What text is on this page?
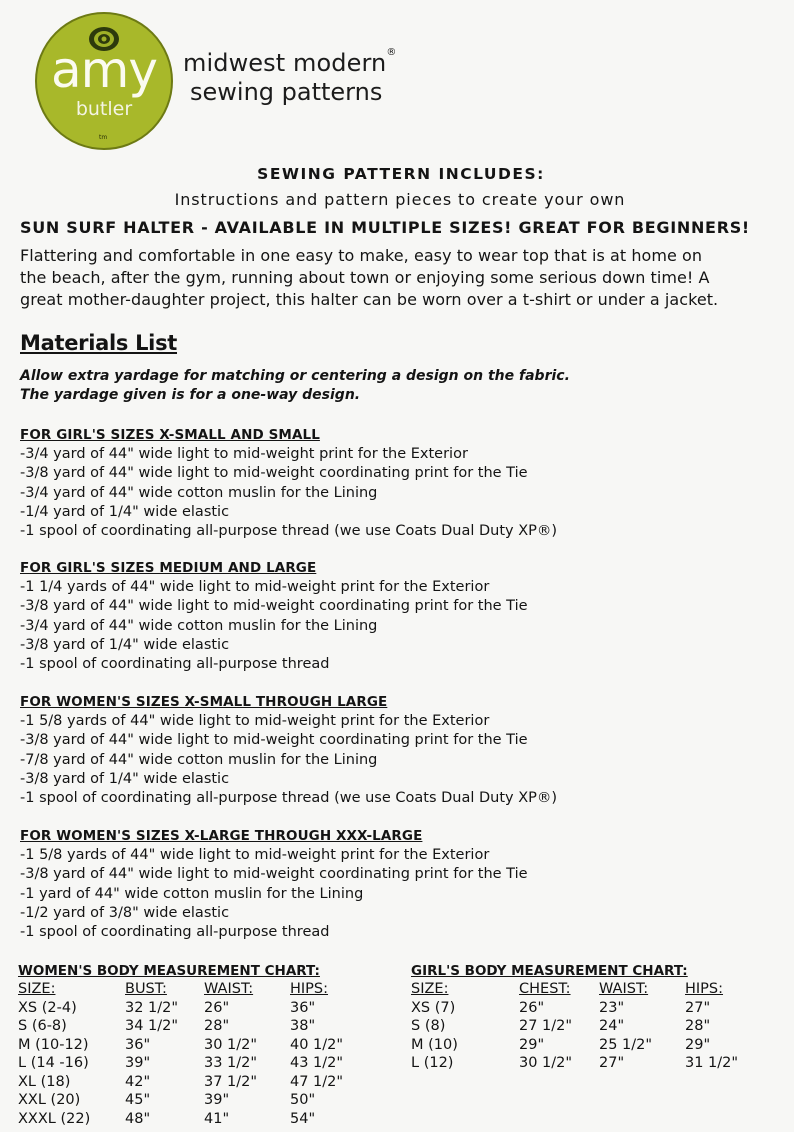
amy
butler
tm
midwest modern®
sewing patterns
SEWING PATTERN INCLUDES:
Instructions and pattern pieces to create your own
SUN SURF HALTER - AVAILABLE IN MULTIPLE SIZES! GREAT FOR BEGINNERS!
Flattering and comfortable in one easy to make, easy to wear top that is at home on
the beach, after the gym, running about town or enjoying some serious down time! A
great mother-daughter project, this halter can be worn over a t-shirt or under a jacket.
Materials List
Allow extra yardage for matching or centering a design on the fabric.
The yardage given is for a one-way design.
FOR GIRL'S SIZES X-SMALL AND SMALL
-3/4 yard of 44" wide light to mid-weight print for the Exterior
-3/8 yard of 44" wide light to mid-weight coordinating print for the Tie
-3/4 yard of 44" wide cotton muslin for the Lining
-1/4 yard of 1/4" wide elastic
-1 spool of coordinating all-purpose thread (we use Coats Dual Duty XP®)
FOR GIRL'S SIZES MEDIUM AND LARGE
-1 1/4 yards of 44" wide light to mid-weight print for the Exterior
-3/8 yard of 44" wide light to mid-weight coordinating print for the Tie
-3/4 yard of 44" wide cotton muslin for the Lining
-3/8 yard of 1/4" wide elastic
-1 spool of coordinating all-purpose thread
FOR WOMEN'S SIZES X-SMALL THROUGH LARGE
-1 5/8 yards of 44" wide light to mid-weight print for the Exterior
-3/8 yard of 44" wide light to mid-weight coordinating print for the Tie
-7/8 yard of 44" wide cotton muslin for the Lining
-3/8 yard of 1/4" wide elastic
-1 spool of coordinating all-purpose thread (we use Coats Dual Duty XP®)
FOR WOMEN'S SIZES X-LARGE THROUGH XXX-LARGE
-1 5/8 yards of 44" wide light to mid-weight print for the Exterior
-3/8 yard of 44" wide light to mid-weight coordinating print for the Tie
-1 yard of 44" wide cotton muslin for the Lining
-1/2 yard of 3/8" wide elastic
-1 spool of coordinating all-purpose thread
WOMEN'S BODY MEASUREMENT CHART:
SIZE:	BUST:	WAIST:	HIPS:
XS (2-4)	32 1/2"	26"	36"
S (6-8)	34 1/2"	28"	38"
M (10-12)	36"	30 1/2"	40 1/2"
L (14 -16)	39"	33 1/2"	43 1/2"
XL (18)	42"	37 1/2"	47 1/2"
XXL (20)	45"	39"	50"
XXXL (22)	48"	41"	54"
GIRL'S BODY MEASUREMENT CHART:
SIZE:	CHEST:	WAIST:	HIPS:
XS (7)	26"	23"	27"
S (8)	27 1/2"	24"	28"
M (10)	29"	25 1/2"	29"
L (12)	30 1/2"	27"	31 1/2"
